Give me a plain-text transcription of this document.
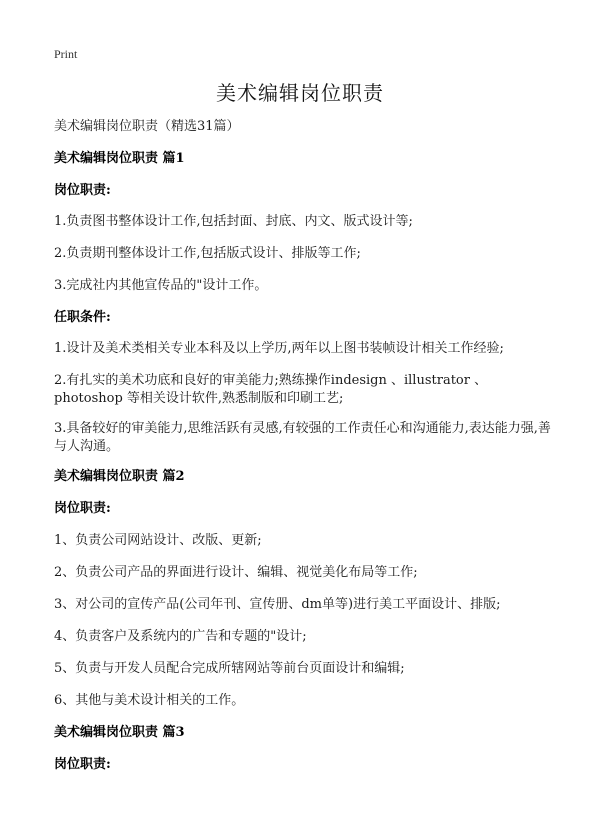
Print
美术编辑岗位职责

美术编辑岗位职责（精选31篇）

美术编辑岗位职责 篇1

岗位职责:

1.负责图书整体设计工作,包括封面、封底、内文、版式设计等;

2.负责期刊整体设计工作,包括版式设计、排版等工作;

3.完成社内其他宣传品的"设计工作。

任职条件:

1.设计及美术类相关专业本科及以上学历,两年以上图书装帧设计相关工作经验;

2.有扎实的美术功底和良好的审美能力;熟练操作indesign 、illustrator 、photoshop 等相关设计软件,熟悉制版和印刷工艺;

3.具备较好的审美能力,思维活跃有灵感,有较强的工作责任心和沟通能力,表达能力强,善与人沟通。

美术编辑岗位职责 篇2

岗位职责:

1、负责公司网站设计、改版、更新;

2、负责公司产品的界面进行设计、编辑、视觉美化布局等工作;

3、对公司的宣传产品(公司年刊、宣传册、dm单等)进行美工平面设计、排版;

4、负责客户及系统内的广告和专题的"设计;

5、负责与开发人员配合完成所辖网站等前台页面设计和编辑;

6、其他与美术设计相关的工作。

美术编辑岗位职责 篇3

岗位职责:
